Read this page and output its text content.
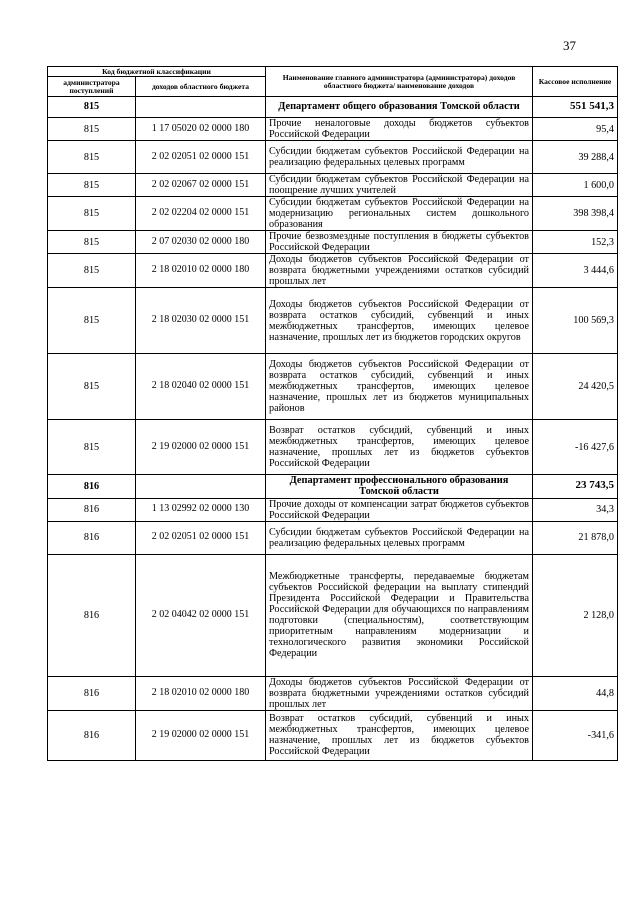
37
Код бюджетной классификации		Наименование главного администратора (администратора) доходов областного бюджета/ наименование доходов	Кассовое исполнение
администратора поступлений	доходов областного бюджета		
815		Департамент общего образования Томской области	551 541,3
815	1 17 05020 02 0000 180	Прочие неналоговые доходы бюджетов субъектов Российской Федерации	95,4
815	2 02 02051 02 0000 151	Субсидии бюджетам субъектов Российской Федерации на реализацию федеральных целевых программ	39 288,4
815	2 02 02067 02 0000 151	Субсидии бюджетам субъектов Российской Федерации на поощрение лучших учителей	1 600,0
815	2 02 02204 02 0000 151	Субсидии бюджетам субъектов Российской Федерации на модернизацию региональных систем дошкольного образования	398 398,4
815	2 07 02030 02 0000 180	Прочие безвозмездные поступления в бюджеты субъектов Российской Федерации	152,3
815	2 18 02010 02 0000 180	Доходы бюджетов субъектов Российской Федерации от возврата бюджетными учреждениями остатков субсидий прошлых лет	3 444,6
815	2 18 02030 02 0000 151	Доходы бюджетов субъектов Российской Федерации от возврата остатков субсидий, субвенций и иных межбюджетных трансфертов, имеющих целевое назначение, прошлых лет из бюджетов городских округов	100 569,3
815	2 18 02040 02 0000 151	Доходы бюджетов субъектов Российской Федерации от возврата остатков субсидий, субвенций и иных межбюджетных трансфертов, имеющих целевое назначение, прошлых лет из бюджетов муниципальных районов	24 420,5
815	2 19 02000 02 0000 151	Возврат остатков субсидий, субвенций и иных межбюджетных трансфертов, имеющих целевое назначение, прошлых лет из бюджетов субъектов Российской Федерации	-16 427,6
816		Департамент профессионального образования Томской области	23 743,5
816	1 13 02992 02 0000 130	Прочие доходы от компенсации затрат бюджетов субъектов Российской Федерации	34,3
816	2 02 02051 02 0000 151	Субсидии бюджетам субъектов Российской Федерации на реализацию федеральных целевых программ	21 878,0
816	2 02 04042 02 0000 151	Межбюджетные трансферты, передаваемые бюджетам субъектов Российской федерации на выплату стипендий Президента Российской Федерации и Правительства Российской Федерации для обучающихся по направлениям подготовки (специальностям), соответствующим приоритетным направлениям модернизации и технологического развития экономики Российской Федерации	2 128,0
816	2 18 02010 02 0000 180	Доходы бюджетов субъектов Российской Федерации от возврата бюджетными учреждениями остатков субсидий прошлых лет	44,8
816	2 19 02000 02 0000 151	Возврат остатков субсидий, субвенций и иных межбюджетных трансфертов, имеющих целевое назначение, прошлых лет из бюджетов субъектов Российской Федерации	-341,6
